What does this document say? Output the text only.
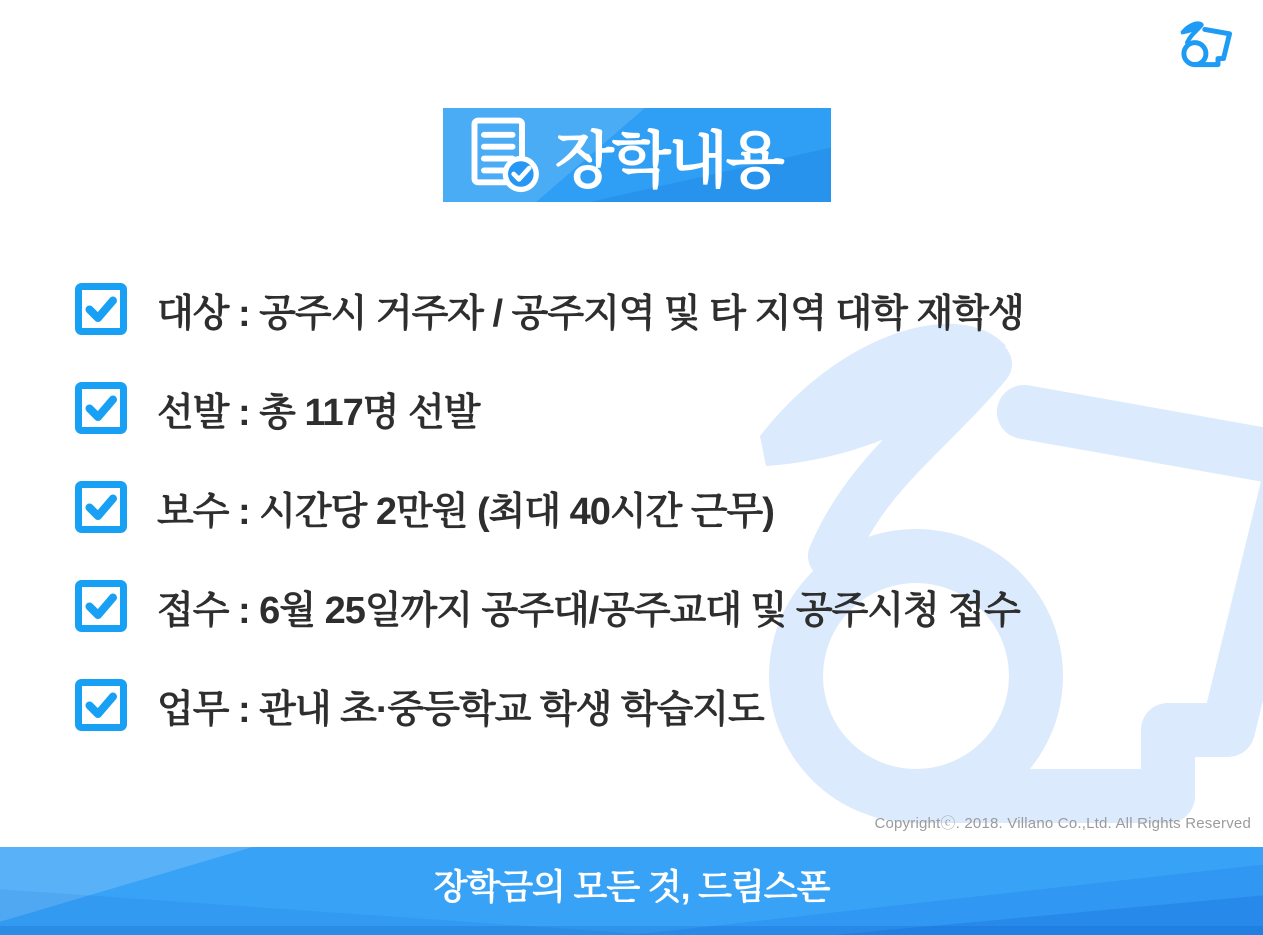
장학내용
대상 : 공주시 거주자 / 공주지역 및 타 지역 대학 재학생
선발 : 총 117명 선발
보수 : 시간당 2만원 (최대 40시간 근무)
접수 : 6월 25일까지 공주대/공주교대 및 공주시청 접수
업무 : 관내 초·중등학교 학생 학습지도
Copyrightⓒ. 2018. Villano Co.,Ltd. All Rights Reserved
장학금의 모든 것, 드림스폰
